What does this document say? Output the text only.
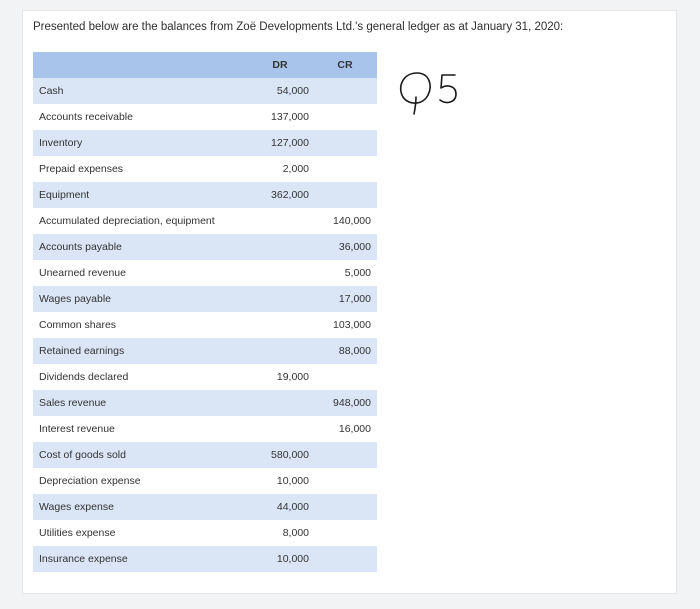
Presented below are the balances from Zoë Developments Ltd.'s general ledger as at January 31, 2020:
	DR	CR
Cash	54,000	
Accounts receivable	137,000	
Inventory	127,000	
Prepaid expenses	2,000	
Equipment	362,000	
Accumulated depreciation, equipment		140,000
Accounts payable		36,000
Unearned revenue		5,000
Wages payable		17,000
Common shares		103,000
Retained earnings		88,000
Dividends declared	19,000	
Sales revenue		948,000
Interest revenue		16,000
Cost of goods sold	580,000	
Depreciation expense	10,000	
Wages expense	44,000	
Utilities expense	8,000	
Insurance expense	10,000	
